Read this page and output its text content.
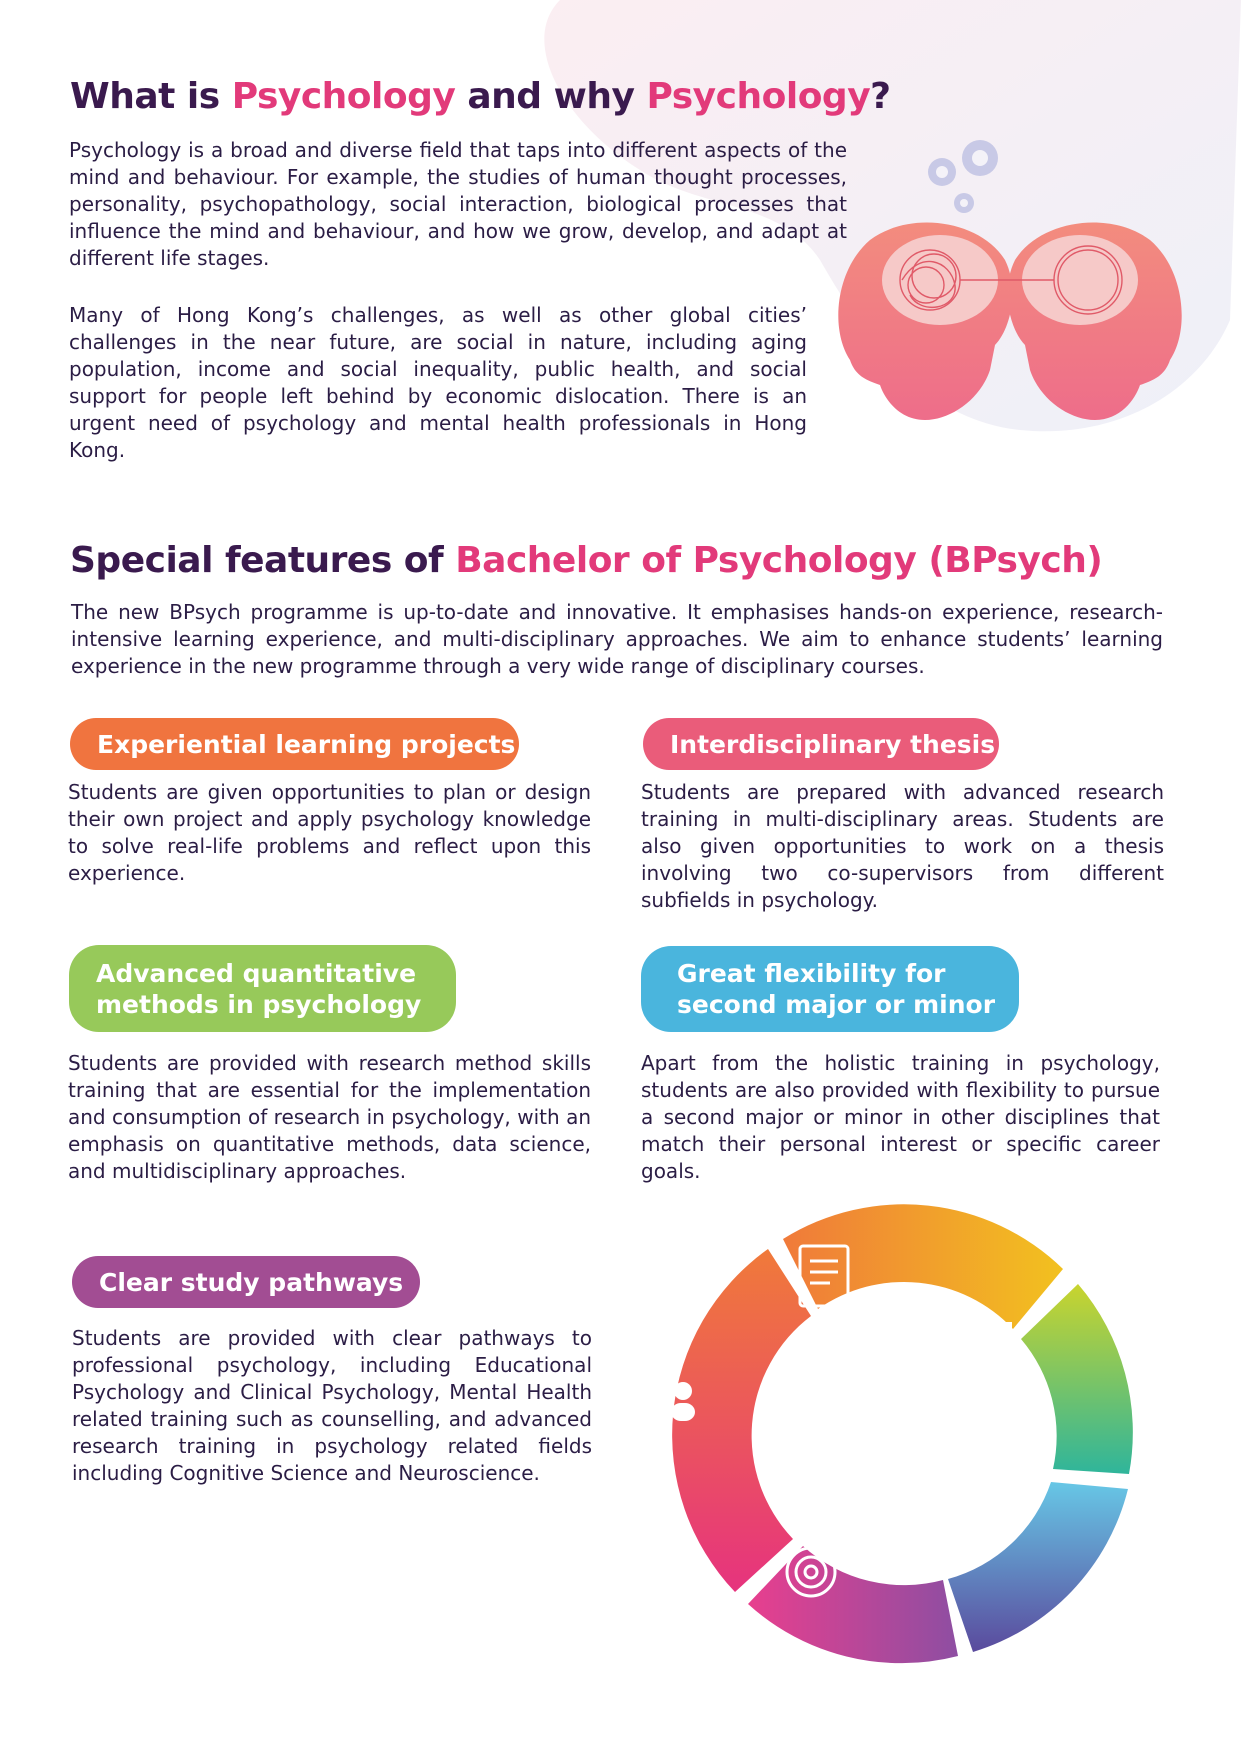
What is Psychology and why Psychology?

Psychology is a broad and diverse field that taps into different aspects of the mind and behaviour. For example, the studies of human thought processes, personality, psychopathology, social interaction, biological processes that influence the mind and behaviour, and how we grow, develop, and adapt at different life stages.

Many of Hong Kong’s challenges, as well as other global cities’ challenges in the near future, are social in nature, including aging population, income and social inequality, public health, and social support for people left behind by economic dislocation. There is an urgent need of psychology and mental health professionals in Hong Kong.

Special features of Bachelor of Psychology (BPsych)

The new BPsych programme is up-to-date and innovative. It emphasises hands-on experience, research-intensive learning experience, and multi-disciplinary approaches. We aim to enhance students’ learning experience in the new programme through a very wide range of disciplinary courses.

Experiential learning projects
Students are given opportunities to plan or design their own project and apply psychology knowledge to solve real-life problems and reflect upon this experience.
Interdisciplinary thesis
Students are prepared with advanced research training in multi-disciplinary areas. Students are also given opportunities to work on a thesis involving two co-supervisors from different subfields in psychology.
Advanced quantitative
methods in psychology
Students are provided with research method skills training that are essential for the implementation and consumption of research in psychology, with an emphasis on quantitative methods, data science, and multidisciplinary approaches.
Great flexibility for
second major or minor
Apart from the holistic training in psychology, students are also provided with flexibility to pursue a second major or minor in other disciplines that match their personal interest or specific career goals.
Clear study pathways
Students are provided with clear pathways to professional psychology, including Educational Psychology and Clinical Psychology, Mental Health related training such as counselling, and advanced research training in psychology related fields including Cognitive Science and Neuroscience.
